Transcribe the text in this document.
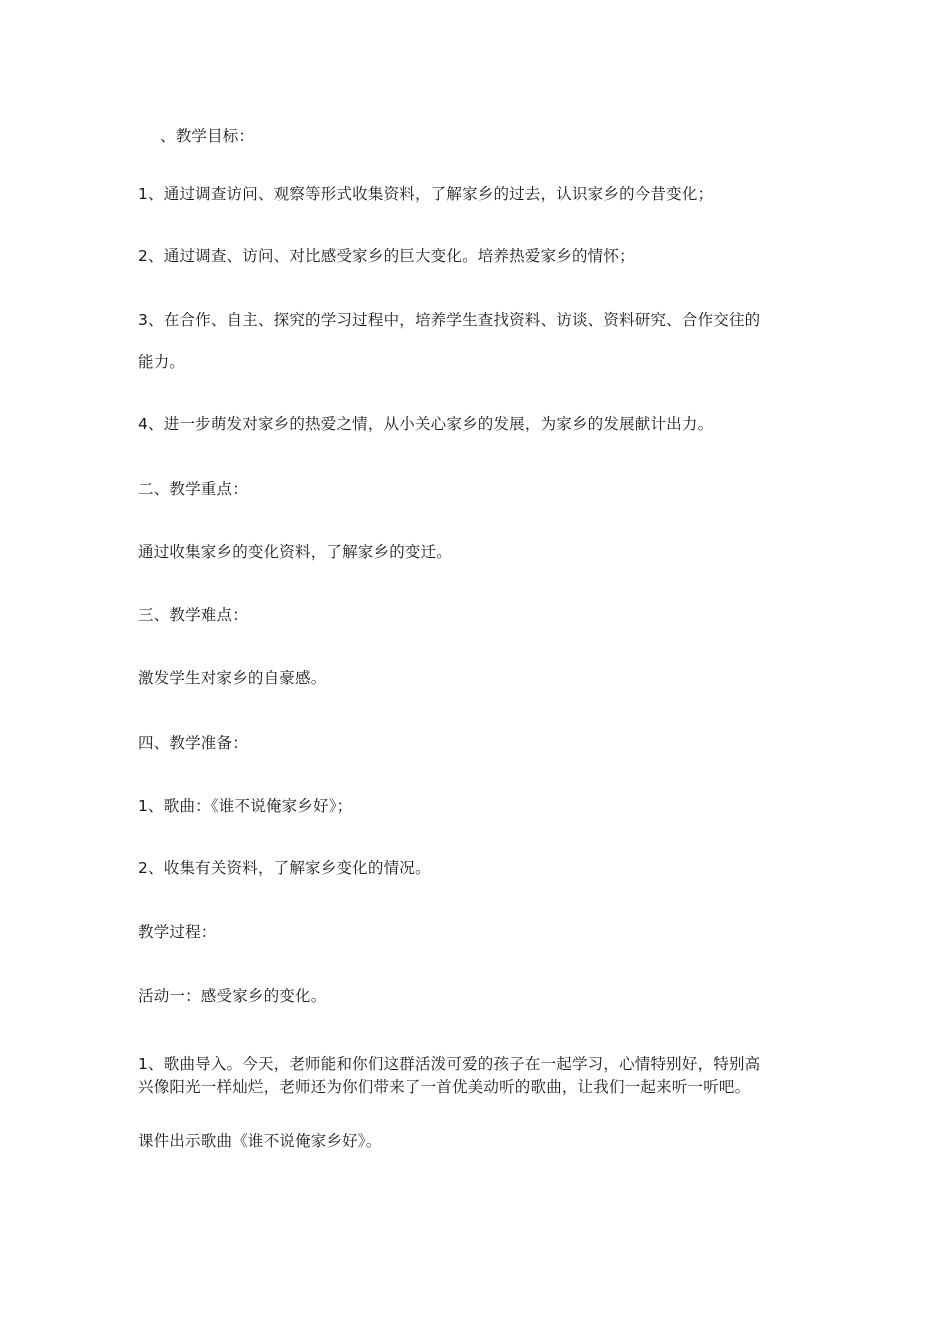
、教学目标：
1、通过调查访问、观察等形式收集资料，了解家乡的过去，认识家乡的今昔变化；
2、通过调查、访问、对比感受家乡的巨大变化。培养热爱家乡的情怀；
3、在合作、自主、探究的学习过程中，培养学生查找资料、访谈、资料研究、合作交往的
能力。
4、进一步萌发对家乡的热爱之情，从小关心家乡的发展，为家乡的发展献计出力。
二、教学重点：
通过收集家乡的变化资料，了解家乡的变迁。
三、教学难点：
激发学生对家乡的自豪感。
四、教学准备：
1、歌曲：《谁不说俺家乡好》；
2、收集有关资料，了解家乡变化的情况。
教学过程：
活动一：感受家乡的变化。
1、歌曲导入。今天，老师能和你们这群活泼可爱的孩子在一起学习，心情特别好，特别高
兴像阳光一样灿烂，老师还为你们带来了一首优美动听的歌曲，让我们一起来听一听吧。
课件出示歌曲《谁不说俺家乡好》。
